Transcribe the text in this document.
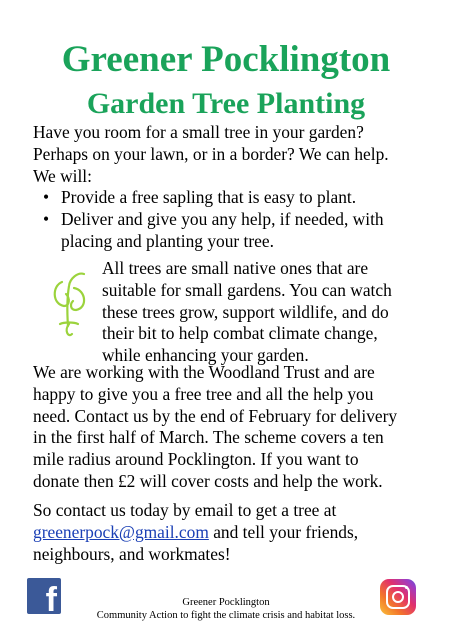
Greener Pocklington
Garden Tree Planting
Have you room for a small tree in your garden?
Perhaps on your lawn, or in a border? We can help.
We will:
• Provide a free sapling that is easy to plant.
• Deliver and give you any help, if needed, with
placing and planting your tree.
All trees are small native ones that are
suitable for small gardens. You can watch
these trees grow, support wildlife, and do
their bit to help combat climate change,
while enhancing your garden.
We are working with the Woodland Trust and are
happy to give you a free tree and all the help you
need. Contact us by the end of February for delivery
in the first half of March. The scheme covers a ten
mile radius around Pocklington. If you want to
donate then £2 will cover costs and help the work.
So contact us today by email to get a tree at
greenerpock@gmail.com and tell your friends,
neighbours, and workmates!
f	Greener Pocklington
Community Action to fight the climate crisis and habitat loss.
